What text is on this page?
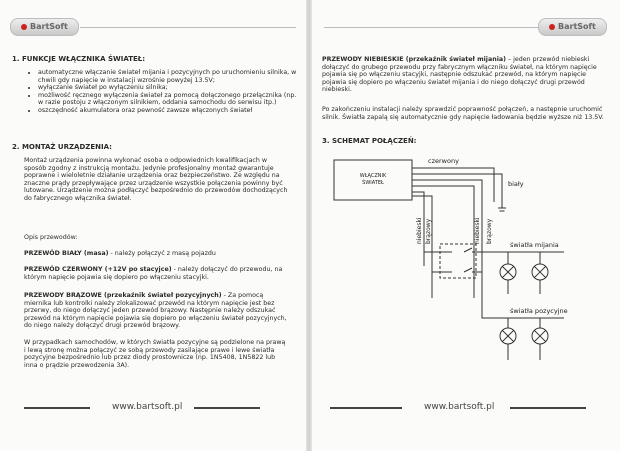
BartSoft

1. FUNKCJE WŁĄCZNIKA ŚWIATEŁ:

• automatyczne włączanie świateł mijania i pozycyjnych po uruchomieniu silnika, w chwili gdy napięcie w instalacji wzrośnie powyżej 13.5V;
• wyłączanie świateł po wyłączeniu silnika;
• możliwość ręcznego wyłączenia świateł za pomocą dołączonego przełącznika (np. w razie postoju z włączonym silnikiem, oddania samochodu do serwisu itp.)
• oszczędność akumulatora oraz pewność zawsze włączonych świateł

2. MONTAŻ URZĄDZENIA:

Montaż urządzenia powinna wykonać osoba o odpowiednich kwalifikacjach w sposób zgodny z instrukcją montażu. Jedynie profesjonalny montaż gwarantuje poprawne i wieloletnie działanie urządzenia oraz bezpieczeństwo. Ze względu na znaczne prądy przepływające przez urządzenie wszystkie połączenia powinny być lutowane. Urządzenie można podłączyć bezpośrednio do przewodów dochodzących do fabrycznego włącznika świateł.

Opis przewodów:

PRZEWÓD BIAŁY (masa) - należy połączyć z masą pojazdu

PRZEWÓD CZERWONY (+12V po stacyjce) - należy dołączyć do przewodu, na którym napięcie pojawia się dopiero po włączeniu stacyjki.

PRZEWODY BRĄZOWE (przekaźnik świateł pozycyjnych) - Za pomocą miernika lub kontrolki należy zlokalizować przewód na którym napięcie jest bez przerwy, do niego dołączyć jeden przewód brązowy. Następnie należy odszukać przewód na którym napięcie pojawia się dopiero po włączeniu świateł pozycyjnych, do niego należy dołączyć drugi przewód brązowy.

W przypadkach samochodów, w których światła pozycyjne są podzielone na prawą i lewą stronę można połączyć ze sobą przewody zasilające prawe i lewe światła pozycyjne bezpośrednio lub przez diody prostownicze (np. 1N5408, 1N5822 lub inna o prądzie przewodzenia 3A).

www.bartsoft.pl
BartSoft

PRZEWODY NIEBIESKIE (przekaźnik świateł mijania) – jeden przewód niebieski dołączyć do grubego przewodu przy fabrycznym włączniku świateł, na którym napięcie pojawia się po włączeniu stacyjki, następnie odszukać przewód, na którym napięcie pojawia się dopiero po włączeniu świateł mijania i do niego dołączyć drugi przewód niebieski.

Po zakończeniu instalacji należy sprawdzić poprawność połączeń, a następnie uruchomić silnik. Światła zapalą się automatycznie gdy napięcie ładowania będzie wyższe niż 13.5V.

3. SCHEMAT POŁĄCZEŃ:

WŁĄCZNIK
ŚWIATEŁ
czerwony
biały
niebieski brązowy	niebieski brązowy
światła mijania
światła pozycyjne
www.bartsoft.pl
